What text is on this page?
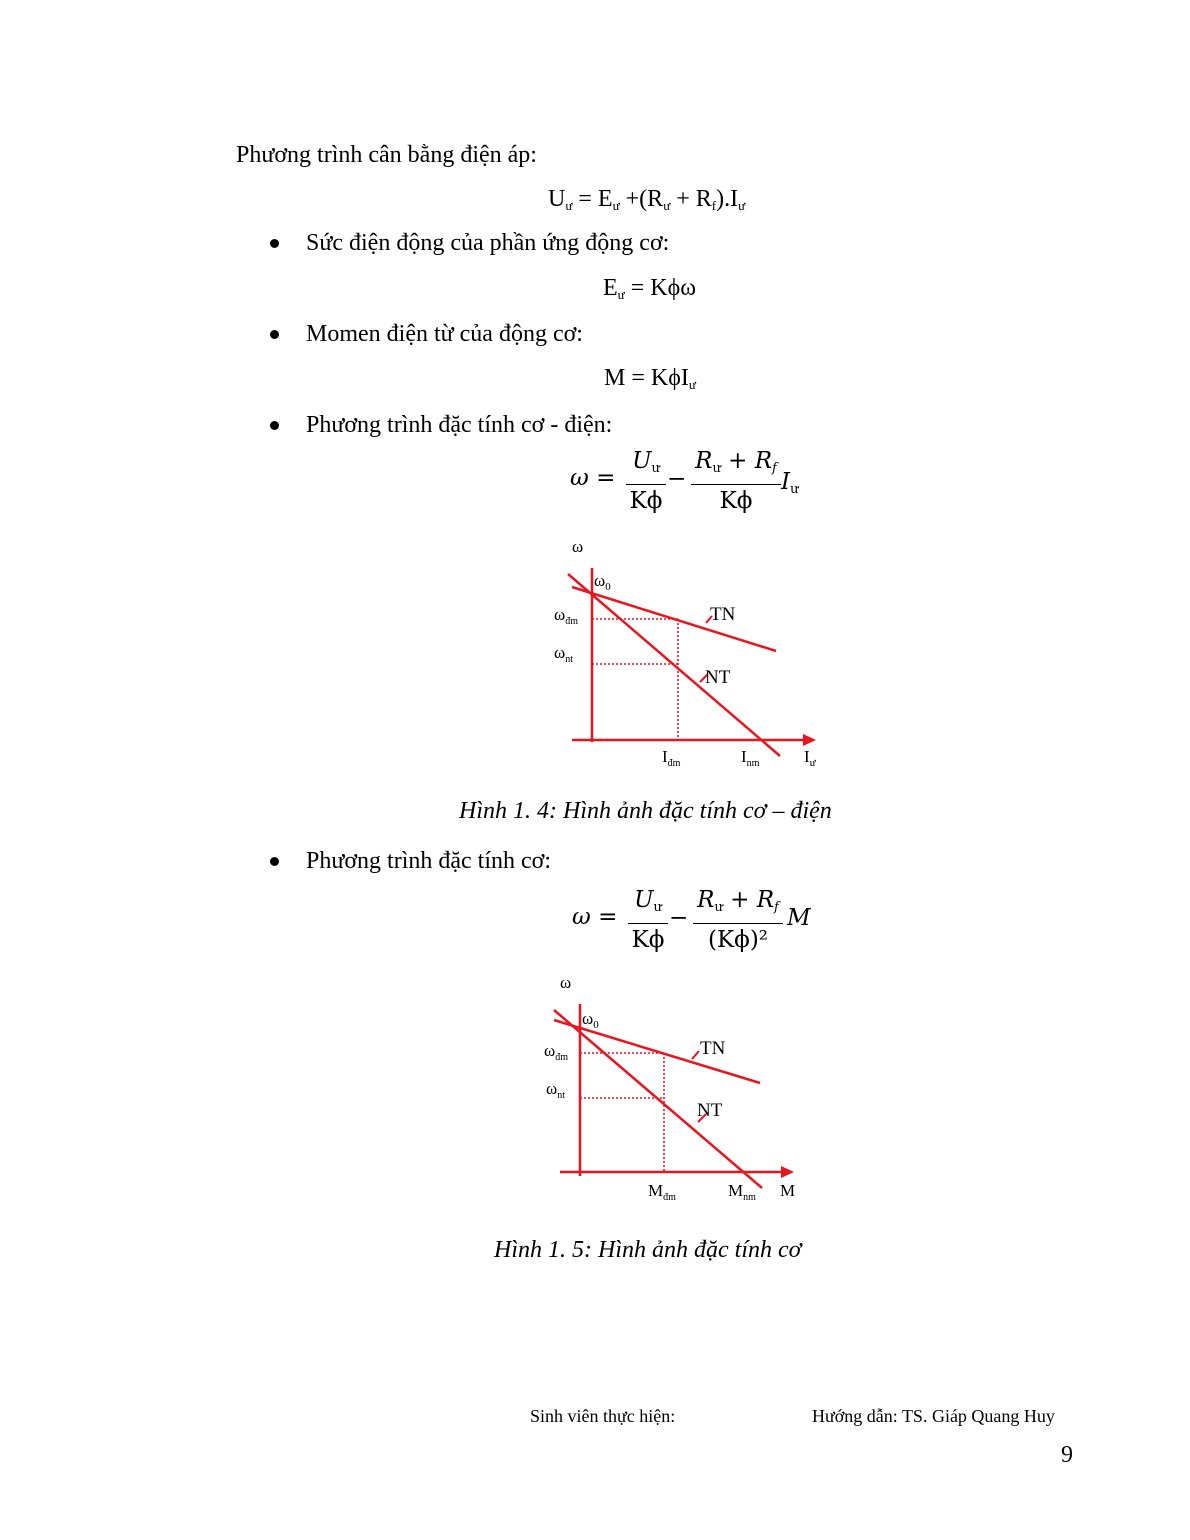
Phương trình cân bằng điện áp:
$U_ư = E_ư +(R_ư + R_f).I_ư$
Sức điện động của phần ứng động cơ:
$E_ư = K\phi\omega$
Momen điện từ của động cơ:
M = KϕI$_ư$
Phương trình đặc tính cơ - điện:
ω =
$U_ư$
Kϕ
−
$R_ư + R_f$
Kϕ
$I_ư$
ω
$\omega_0$
$\omega_{đm}$
$\omega_{nt}$
TN
NT
$I_{đm}$	$I_{nm}$	$I_ư$
Hình 1. 4: Hình ảnh đặc tính cơ – điện
Phương trình đặc tính cơ:
ω =
$U_ư$
Kϕ
−
$R_ư + R_f$
(Kϕ)²
M
ω
$\omega_0$
$\omega_{đm}$
$\omega_{nt}$
TN
NT
$M_{đm}$	$M_{nm}$ M
Hình 1. 5: Hình ảnh đặc tính cơ
Sinh viên thực hiện:	Hướng dẫn: TS. Giáp Quang Huy
9
